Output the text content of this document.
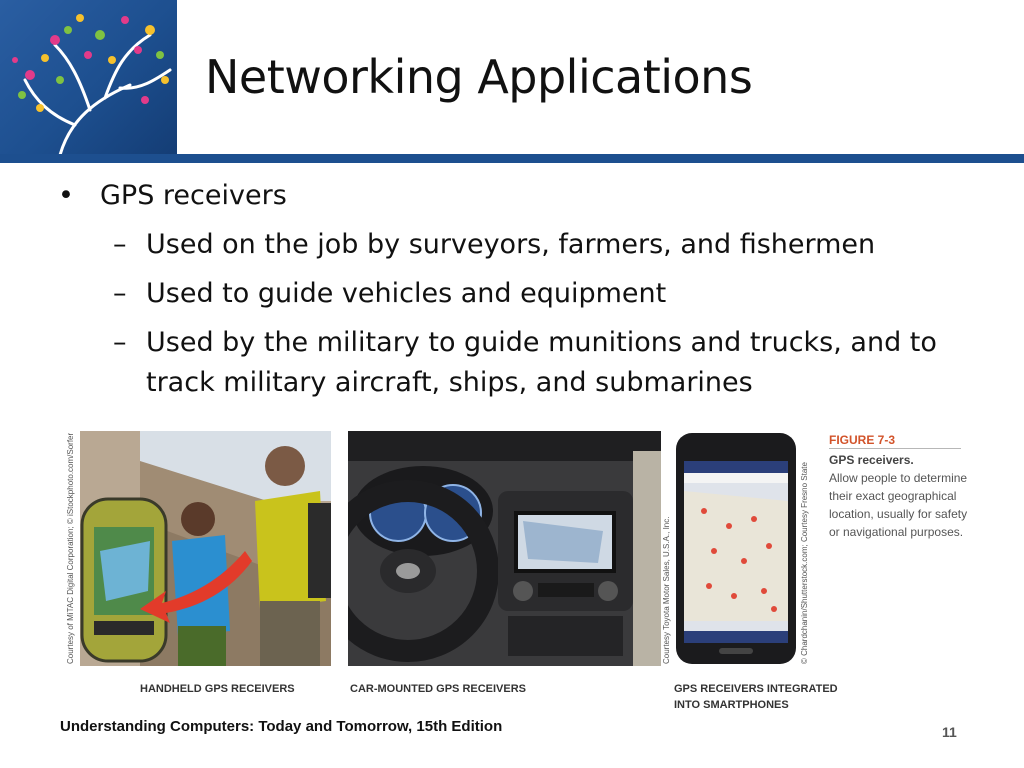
Networking Applications
• GPS receivers
– Used on the job by surveyors, farmers, and fishermen
– Used to guide vehicles and equipment
– Used by the military to guide munitions and trucks, and to track military aircraft, ships, and submarines
Courtesy of MiTAC Digital Corporation; © iStockphoto.com/Sorfer
HANDHELD GPS RECEIVERS	CAR-MOUNTED GPS RECEIVERS
Courtesy Toyota Motor Sales, U.S.A., Inc.	© Chardchanin/Shutterstock.com; Courtesy Fresno State
GPS RECEIVERS INTEGRATED INTO SMARTPHONES
FIGURE 7-3
GPS receivers.
Allow people to determine their exact geographical location, usually for safety or navigational purposes.
Understanding Computers: Today and Tomorrow, 15th Edition	11
